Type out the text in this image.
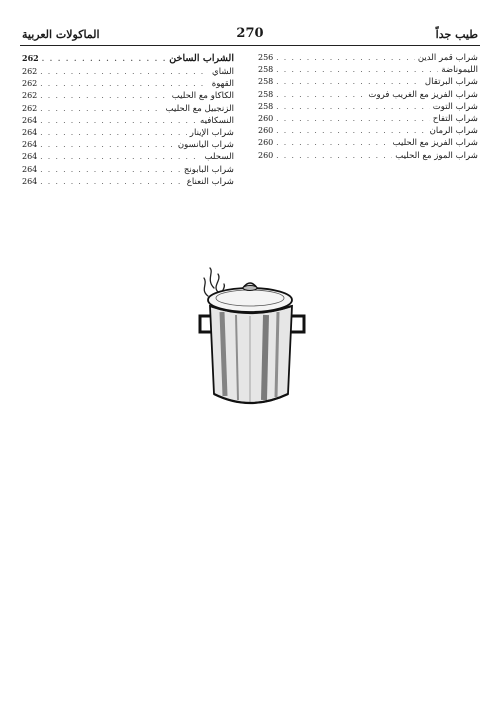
طيب جداً
270
الماكولات العربية
شراب قمر الدين
. . .
256
الليموناضة
. . .
258
شراب البرتقال
. . .
258
شراب الفريز مع الغريب فروت
. . .
258
شراب التوت
. . .
258
شراب التفاح
. . .
260
شراب الرمان
. . .
260
شراب الفريز مع الحليب
. . .
260
شراب الموز مع الحليب
. . .
260
الشراب الساخن
. . .
262
الشاي
. . .
262
القهوة
. . .
262
الكاكاو مع الحليب
. . .
262
الزنجبيل مع الحليب
. . .
262
النسكافيه
. . .
264
شراب الإينار
. . .
264
شراب اليانسون
. . .
264
السحلب
. . .
264
شراب البابونج
. . .
264
شراب النعناع
. . .
264
